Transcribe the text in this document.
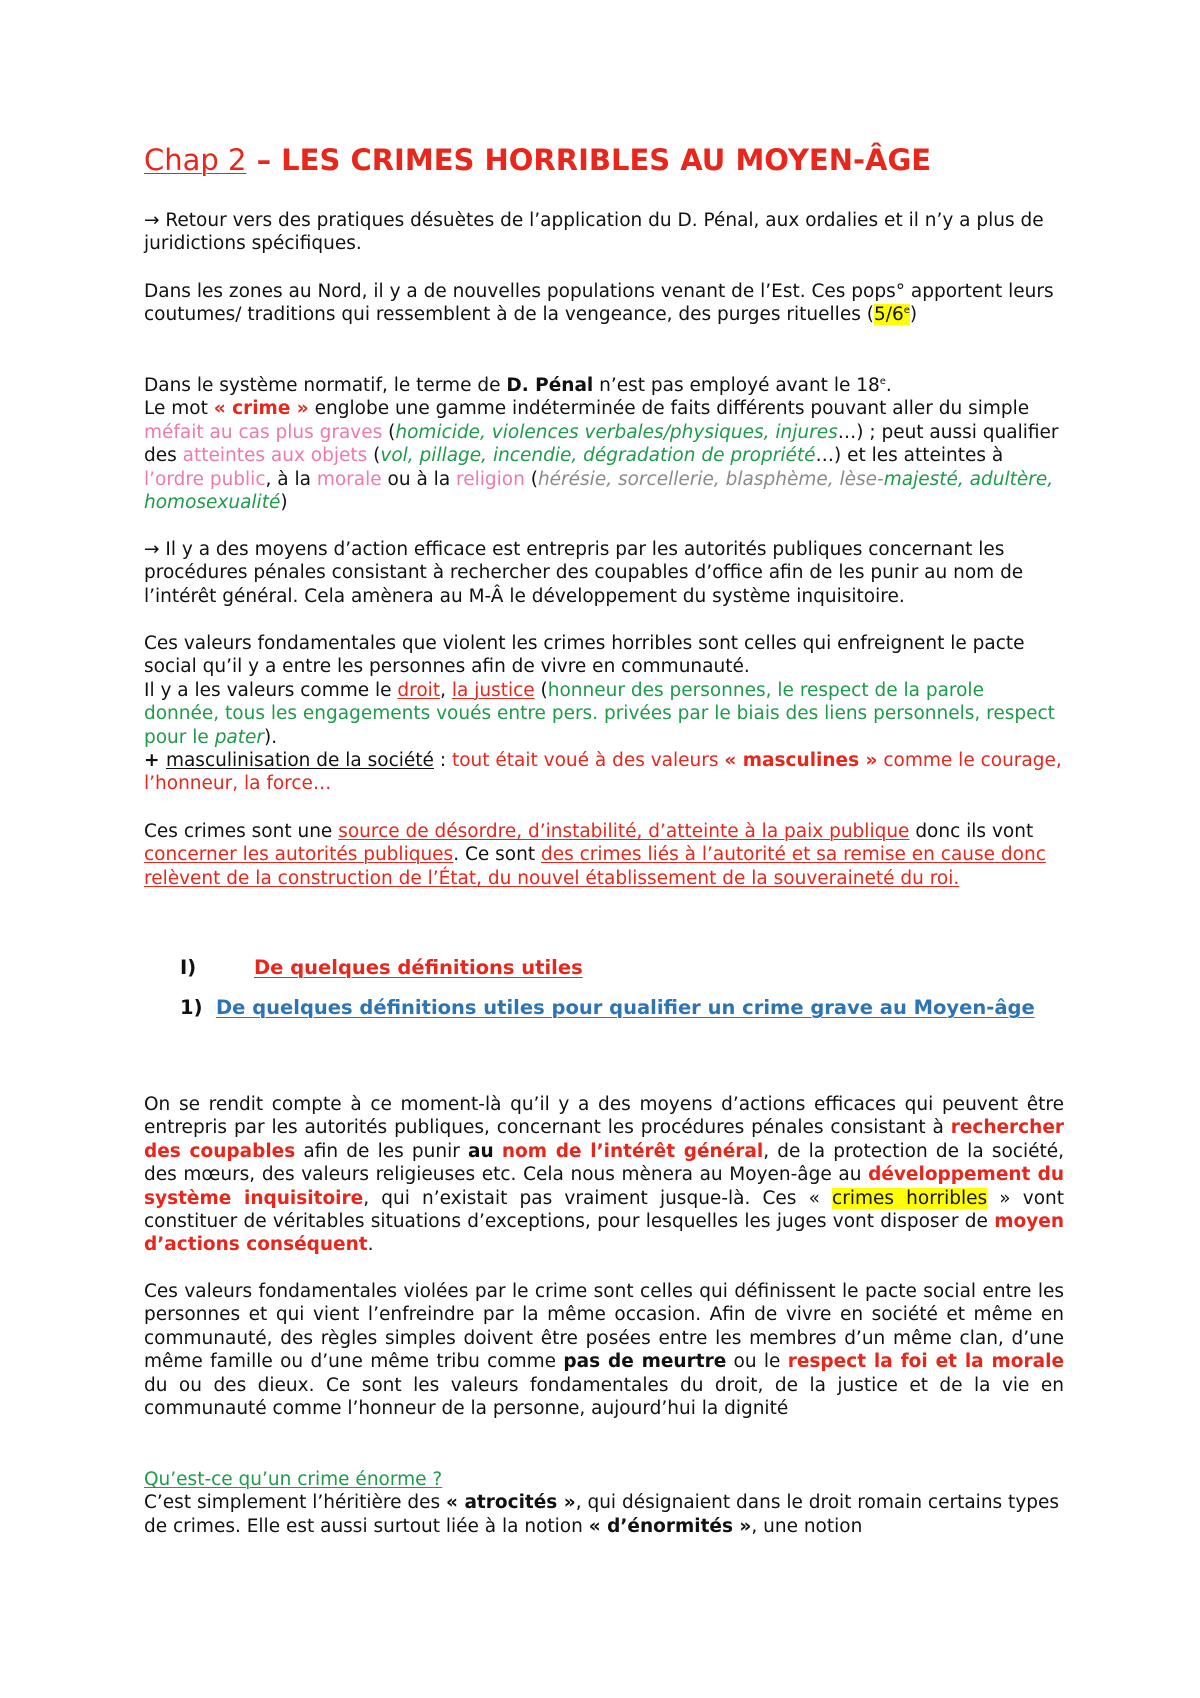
Chap 2 – LES CRIMES HORRIBLES AU MOYEN-ÂGE
→ Retour vers des pratiques désuètes de l’application du D. Pénal, aux ordalies et il n’y a plus de juridictions spécifiques.
Dans les zones au Nord, il y a de nouvelles populations venant de l’Est. Ces pops° apportent leurs coutumes/ traditions qui ressemblent à de la vengeance, des purges rituelles (5/6e)
Dans le système normatif, le terme de D. Pénal n’est pas employé avant le 18e.
Le mot « crime » englobe une gamme indéterminée de faits différents pouvant aller du simple méfait au cas plus graves (homicide, violences verbales/physiques, injures…) ; peut aussi qualifier des atteintes aux objets (vol, pillage, incendie, dégradation de propriété…) et les atteintes à l’ordre public, à la morale ou à la religion (hérésie, sorcellerie, blasphème, lèse-majesté, adultère, homosexualité)
→ Il y a des moyens d’action efficace est entrepris par les autorités publiques concernant les procédures pénales consistant à rechercher des coupables d’office afin de les punir au nom de l’intérêt général. Cela amènera au M-Â le développement du système inquisitoire.
Ces valeurs fondamentales que violent les crimes horribles sont celles qui enfreignent le pacte social qu’il y a entre les personnes afin de vivre en communauté.
Il y a les valeurs comme le droit, la justice (honneur des personnes, le respect de la parole donnée, tous les engagements voués entre pers. privées par le biais des liens personnels, respect pour le pater).
+ masculinisation de la société : tout était voué à des valeurs « masculines » comme le courage, l’honneur, la force…
Ces crimes sont une source de désordre, d’instabilité, d’atteinte à la paix publique donc ils vont concerner les autorités publiques. Ce sont des crimes liés à l’autorité et sa remise en cause donc relèvent de la construction de l’État, du nouvel établissement de la souveraineté du roi.
I)	De quelques définitions utiles
1) De quelques définitions utiles pour qualifier un crime grave au Moyen-âge
On se rendit compte à ce moment-là qu’il y a des moyens d’actions efficaces qui peuvent être entrepris par les autorités publiques, concernant les procédures pénales consistant à rechercher des coupables afin de les punir au nom de l’intérêt général, de la protection de la société, des mœurs, des valeurs religieuses etc. Cela nous mènera au Moyen-âge au développement du système inquisitoire, qui n’existait pas vraiment jusque-là. Ces « crimes horribles » vont constituer de véritables situations d’exceptions, pour lesquelles les juges vont disposer de moyen d’actions conséquent.
Ces valeurs fondamentales violées par le crime sont celles qui définissent le pacte social entre les personnes et qui vient l’enfreindre par la même occasion. Afin de vivre en société et même en communauté, des règles simples doivent être posées entre les membres d’un même clan, d’une même famille ou d’une même tribu comme pas de meurtre ou le respect la foi et la morale du ou des dieux. Ce sont les valeurs fondamentales du droit, de la justice et de la vie en communauté comme l’honneur de la personne, aujourd’hui la dignité
Qu’est-ce qu’un crime énorme ?
C’est simplement l’héritière des « atrocités », qui désignaient dans le droit romain certains types de crimes. Elle est aussi surtout liée à la notion « d’énormités », une notion
